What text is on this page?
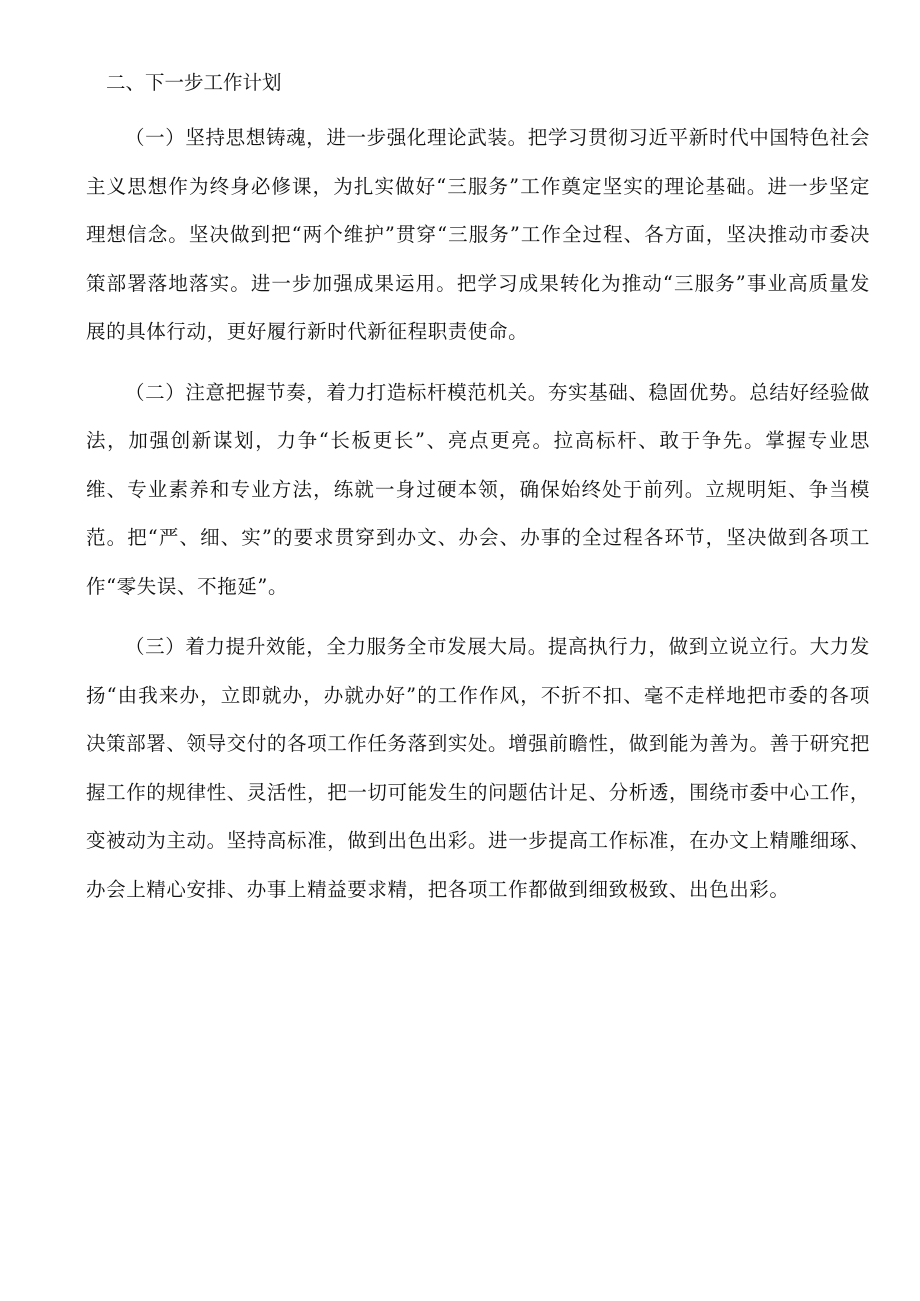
二、下一步工作计划

（一）坚持思想铸魂，进一步强化理论武装。把学习贯彻习近平新时代中国特色社会主义思想作为终身必修课，为扎实做好“三服务”工作奠定坚实的理论基础。进一步坚定理想信念。坚决做到把“两个维护”贯穿“三服务”工作全过程、各方面，坚决推动市委决策部署落地落实。进一步加强成果运用。把学习成果转化为推动“三服务”事业高质量发展的具体行动，更好履行新时代新征程职责使命。

（二）注意把握节奏，着力打造标杆模范机关。夯实基础、稳固优势。总结好经验做法，加强创新谋划，力争“长板更长”、亮点更亮。拉高标杆、敢于争先。掌握专业思维、专业素养和专业方法，练就一身过硬本领，确保始终处于前列。立规明矩、争当模范。把“严、细、实”的要求贯穿到办文、办会、办事的全过程各环节，坚决做到各项工作“零失误、不拖延”。

（三）着力提升效能，全力服务全市发展大局。提高执行力，做到立说立行。大力发扬“由我来办，立即就办，办就办好”的工作作风，不折不扣、毫不走样地把市委的各项决策部署、领导交付的各项工作任务落到实处。增强前瞻性，做到能为善为。善于研究把握工作的规律性、灵活性，把一切可能发生的问题估计足、分析透，围绕市委中心工作，变被动为主动。坚持高标准，做到出色出彩。进一步提高工作标准，在办文上精雕细琢、办会上精心安排、办事上精益要求精，把各项工作都做到细致极致、出色出彩。
